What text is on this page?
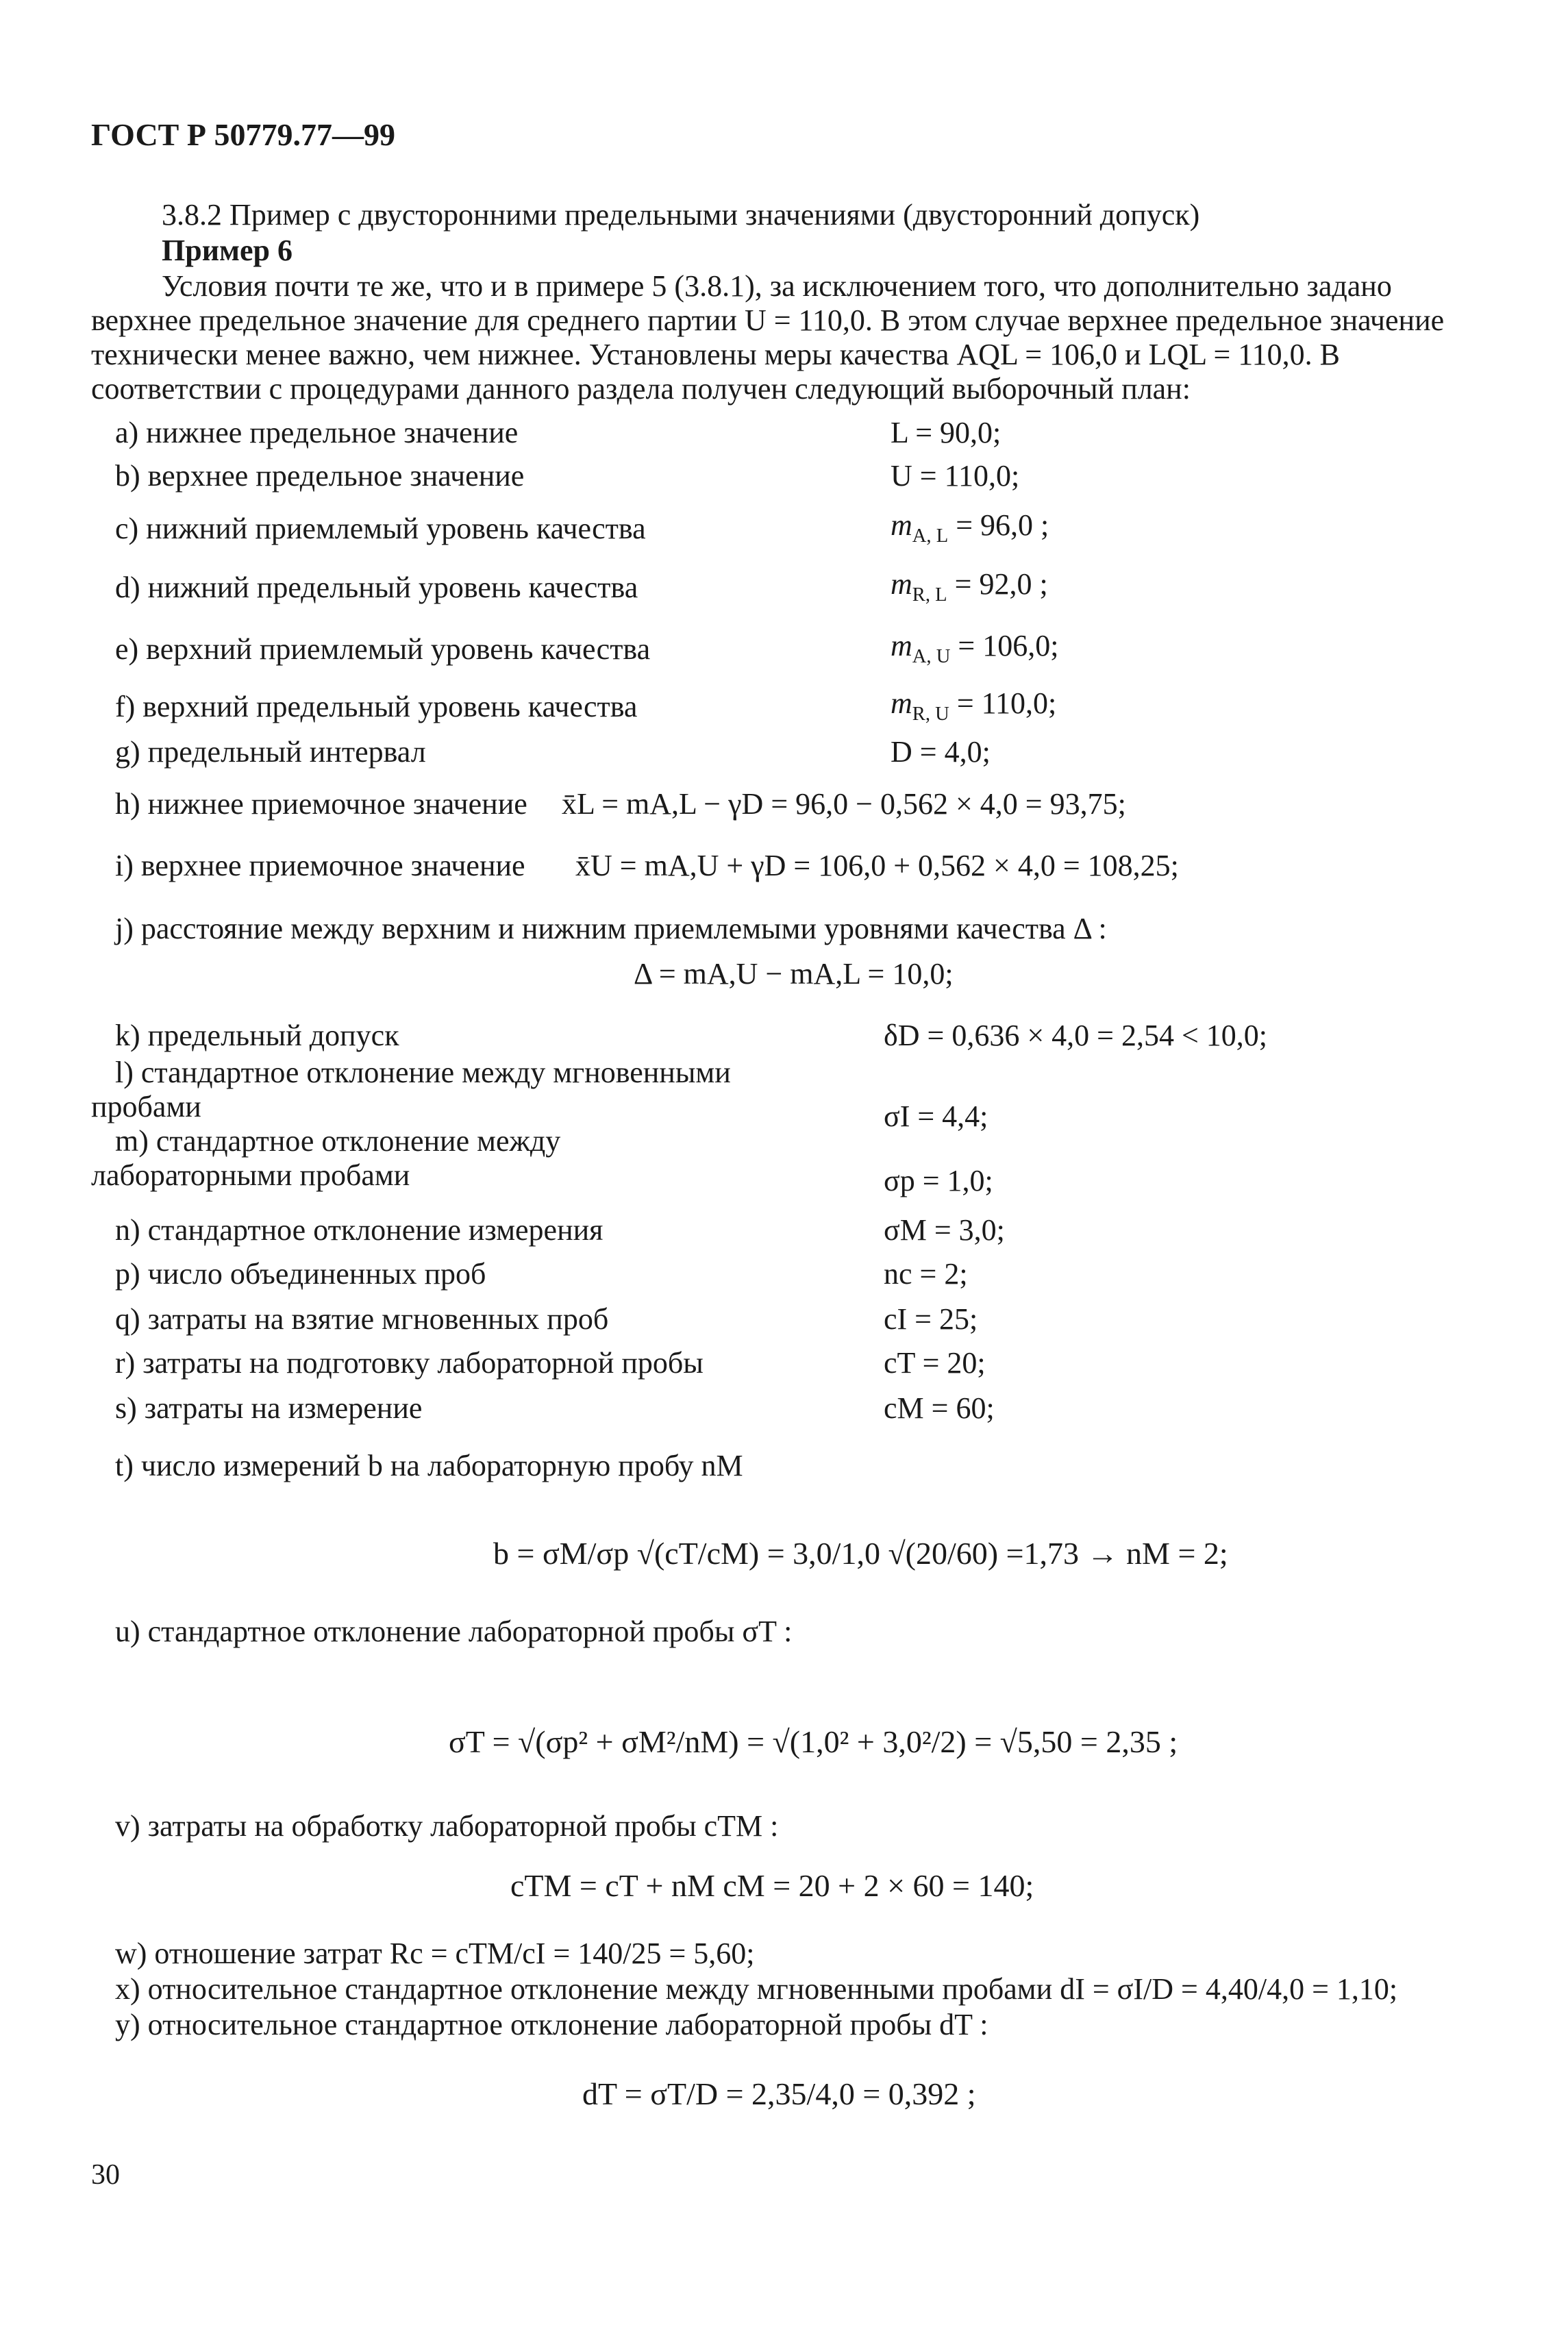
ГОСТ Р 50779.77—99
3.8.2 Пример с двусторонними предельными значениями (двусторонний допуск)
Пример 6
Условия почти те же, что и в примере 5 (3.8.1), за исключением того, что дополнительно задано
верхнее предельное значение для среднего партии U = 110,0. В этом случае верхнее предельное значение
технически менее важно, чем нижнее. Установлены меры качества AQL = 106,0 и LQL = 110,0. В
соответствии с процедурами данного раздела получен следующий выборочный план:
a) нижнее предельное значение	L = 90,0;
b) верхнее предельное значение	U = 110,0;
c) нижний приемлемый уровень качества	$m_{A, L} = 96,0$ ;
d) нижний предельный уровень качества	$m_{R, L} = 92,0$ ;
e) верхний приемлемый уровень качества	$m_{A, U} = 106,0$;
f) верхний предельный уровень качества	$m_{R, U} = 110,0$;
g) предельный интервал	D = 4,0;
h) нижнее приемочное значение x̄L = mA,L − γD = 96,0 − 0,562 × 4,0 = 93,75;
i) верхнее приемочное значение x̄U = mA,U + γD = 106,0 + 0,562 × 4,0 = 108,25;
j) расстояние между верхним и нижним приемлемыми уровнями качества Δ :
Δ = mA,U − mA,L = 10,0;
k) предельный допуск	δD = 0,636 × 4,0 = 2,54 < 10,0;
l) стандартное отклонение между мгновенными
пробами	σI = 4,4;
m) стандартное отклонение между
лабораторными пробами	σp = 1,0;
n) стандартное отклонение измерения	σM = 3,0;
p) число объединенных проб	nc = 2;
q) затраты на взятие мгновенных проб	cI = 25;
r) затраты на подготовку лабораторной пробы	cT = 20;
s) затраты на измерение	cM = 60;
t) число измерений b на лабораторную пробу nM
b = σM/σp √(cT/cM) = 3,0/1,0 √(20/60) =1,73 → nM = 2;
u) стандартное отклонение лабораторной пробы σT :
σT = √(σp² + σM²/nM) = √(1,0² + 3,0²/2) = √5,50 = 2,35 ;
v) затраты на обработку лабораторной пробы cTM :
cTM = cT + nM cM = 20 + 2 × 60 = 140;
w) отношение затрат Rc = cTM/cI = 140/25 = 5,60;
x) относительное стандартное отклонение между мгновенными пробами dI = σI/D = 4,40/4,0 = 1,10;
y) относительное стандартное отклонение лабораторной пробы dT :
dT = σT/D = 2,35/4,0 = 0,392 ;
30
